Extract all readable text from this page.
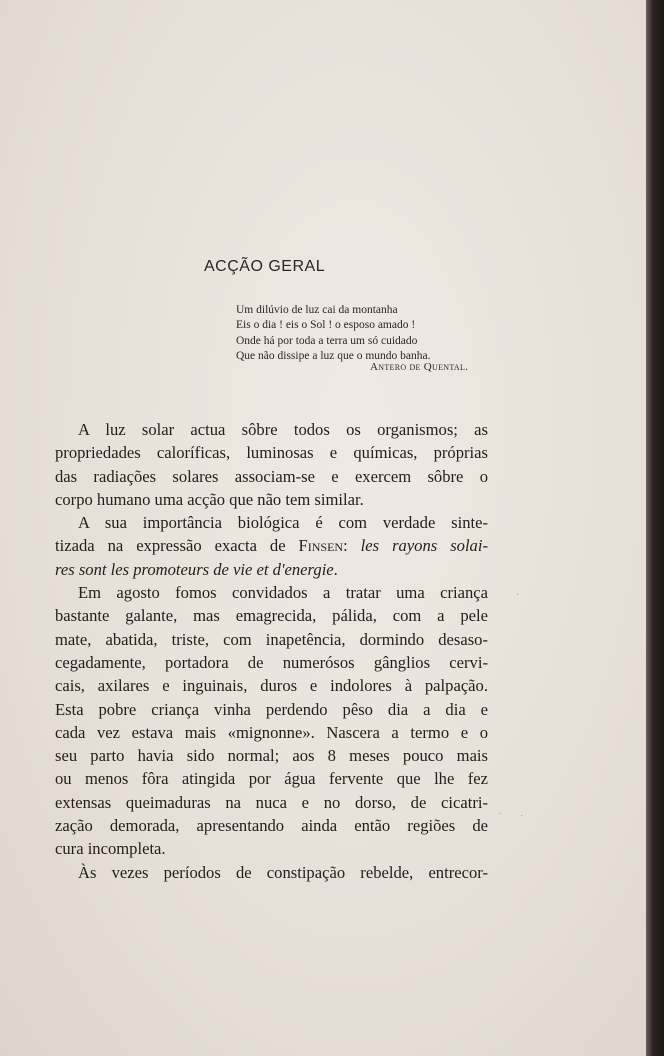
ACÇÃO GERAL
Um dilúvio de luz cai da montanha
Eis o dia ! eis o Sol ! o esposo amado !
Onde há por toda a terra um só cuidado
Que não dissipe a luz que o mundo banha.
Antero de Quental.
A luz solar actua sôbre todos os organismos; as
propriedades caloríficas, luminosas e químicas, próprias
das radiações solares associam-se e exercem sôbre o
corpo humano uma acção que não tem similar.
A sua importância biológica é com verdade sinte-
tizada na expressão exacta de Finsen: les rayons solai-
res sont les promoteurs de vie et d'energie.
Em agosto fomos convidados a tratar uma criança
bastante galante, mas emagrecida, pálida, com a pele
mate, abatida, triste, com inapetência, dormindo desaso-
cegadamente, portadora de numerósos gânglios cervi-
cais, axilares e inguinais, duros e indolores à palpação.
Esta pobre criança vinha perdendo pêso dia a dia e
cada vez estava mais «mignonne». Nascera a termo e o
seu parto havia sido normal; aos 8 meses pouco mais
ou menos fôra atingida por água fervente que lhe fez
extensas queimaduras na nuca e no dorso, de cicatri-
zação demorada, apresentando ainda então regiões de
cura incompleta.
Às vezes períodos de constipação rebelde, entrecor-
·
· ·
